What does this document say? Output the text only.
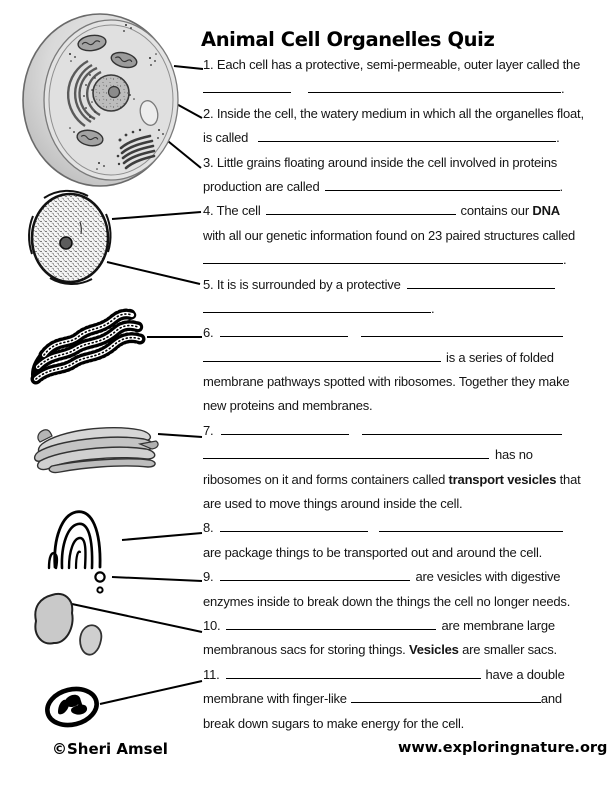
Animal Cell Organelles Quiz
1. Each cell has a protective, semi-permeable, outer layer called the
.
2. Inside the cell, the watery medium in which all the organelles float,
is called	.
3. Little grains floating around inside the cell involved in proteins
production are called	.
4. The cell	contains our DNA
with all our genetic information found on 23 paired structures called
.
5. It is is surrounded by a protective
.
6.
is a series of folded
membrane pathways spotted with ribosomes. Together they make
new proteins and membranes.
7.
has no
ribosomes on it and forms containers called transport vesicles that
are used to move things around inside the cell.
8.
are package things to be transported out and around the cell.
9.	are vesicles with digestive
enzymes inside to break down the things the cell no longer needs.
10.	are membrane large
membranous sacs for storing things. Vesicles are smaller sacs.
11.	have a double
membrane with finger-like	and
break down sugars to make energy for the cell.
©Sheri Amsel	www.exploringnature.org
